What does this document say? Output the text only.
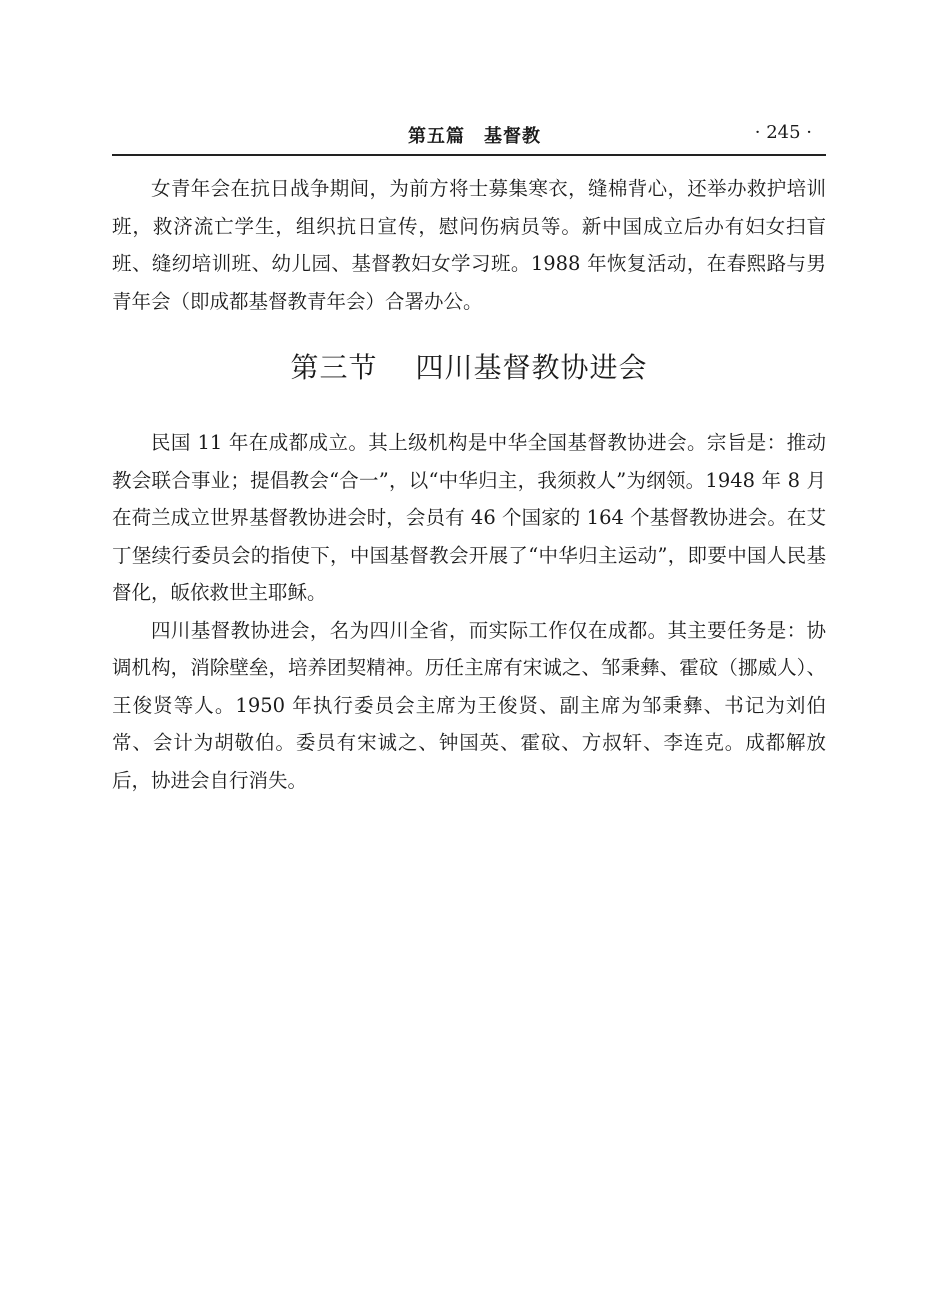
第五篇　基督教	· 245 ·

女青年会在抗日战争期间，为前方将士募集寒衣，缝棉背心，还举办救护培训班，救济流亡学生，组织抗日宣传，慰问伤病员等。新中国成立后办有妇女扫盲班、缝纫培训班、幼儿园、基督教妇女学习班。1988 年恢复活动，在春熙路与男青年会（即成都基督教青年会）合署办公。

第三节 四川基督教协进会

民国 11 年在成都成立。其上级机构是中华全国基督教协进会。宗旨是：推动教会联合事业；提倡教会“合一”，以“中华归主，我须救人”为纲领。1948 年 8 月在荷兰成立世界基督教协进会时，会员有 46 个国家的 164 个基督教协进会。在艾丁堡续行委员会的指使下，中国基督教会开展了“中华归主运动”，即要中国人民基督化，皈依救世主耶稣。

四川基督教协进会，名为四川全省，而实际工作仅在成都。其主要任务是：协调机构，消除壁垒，培养团契精神。历任主席有宋诚之、邹秉彝、霍砇（挪威人）、王俊贤等人。1950 年执行委员会主席为王俊贤、副主席为邹秉彝、书记为刘伯常、会计为胡敬伯。委员有宋诚之、钟国英、霍砇、方叔轩、李连克。成都解放后，协进会自行消失。
